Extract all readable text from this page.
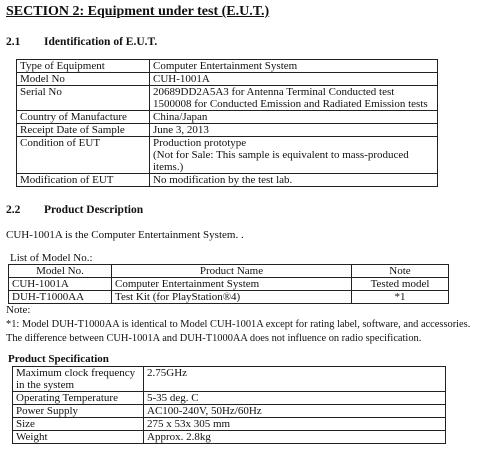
SECTION 2: Equipment under test (E.U.T.)
2.1 Identification of E.U.T.
Type of Equipment	Computer Entertainment System

Model No	CUH-1001A

Serial No	20689DD2A5A3 for Antenna Terminal Conducted test
1500008 for Conducted Emission and Radiated Emission tests

Country of Manufacture	China/Japan

Receipt Date of Sample	June 3, 2013

Condition of EUT	Production prototype
(Not for Sale: This sample is equivalent to mass-produced items.)

Modification of EUT	No modification by the test lab.
2.2 Product Description
CUH-1001A is the Computer Entertainment System. .
List of Model No.:
Model No.	Product Name	Note
CUH-1001A	Computer Entertainment System	Tested model
DUH-T1000AA	Test Kit (for PlayStation®4)	*1
Note:
*1: Model DUH-T1000AA is identical to Model CUH-1001A except for rating label, software, and accessories.
The difference between CUH-1001A and DUH-T1000AA does not influence on radio specification.
Product Specification
Maximum clock frequency
in the system	2.75GHz

Operating Temperature	5-35 deg. C

Power Supply	AC100-240V, 50Hz/60Hz

Size	275 x 53x 305 mm

Weight	Approx. 2.8kg
